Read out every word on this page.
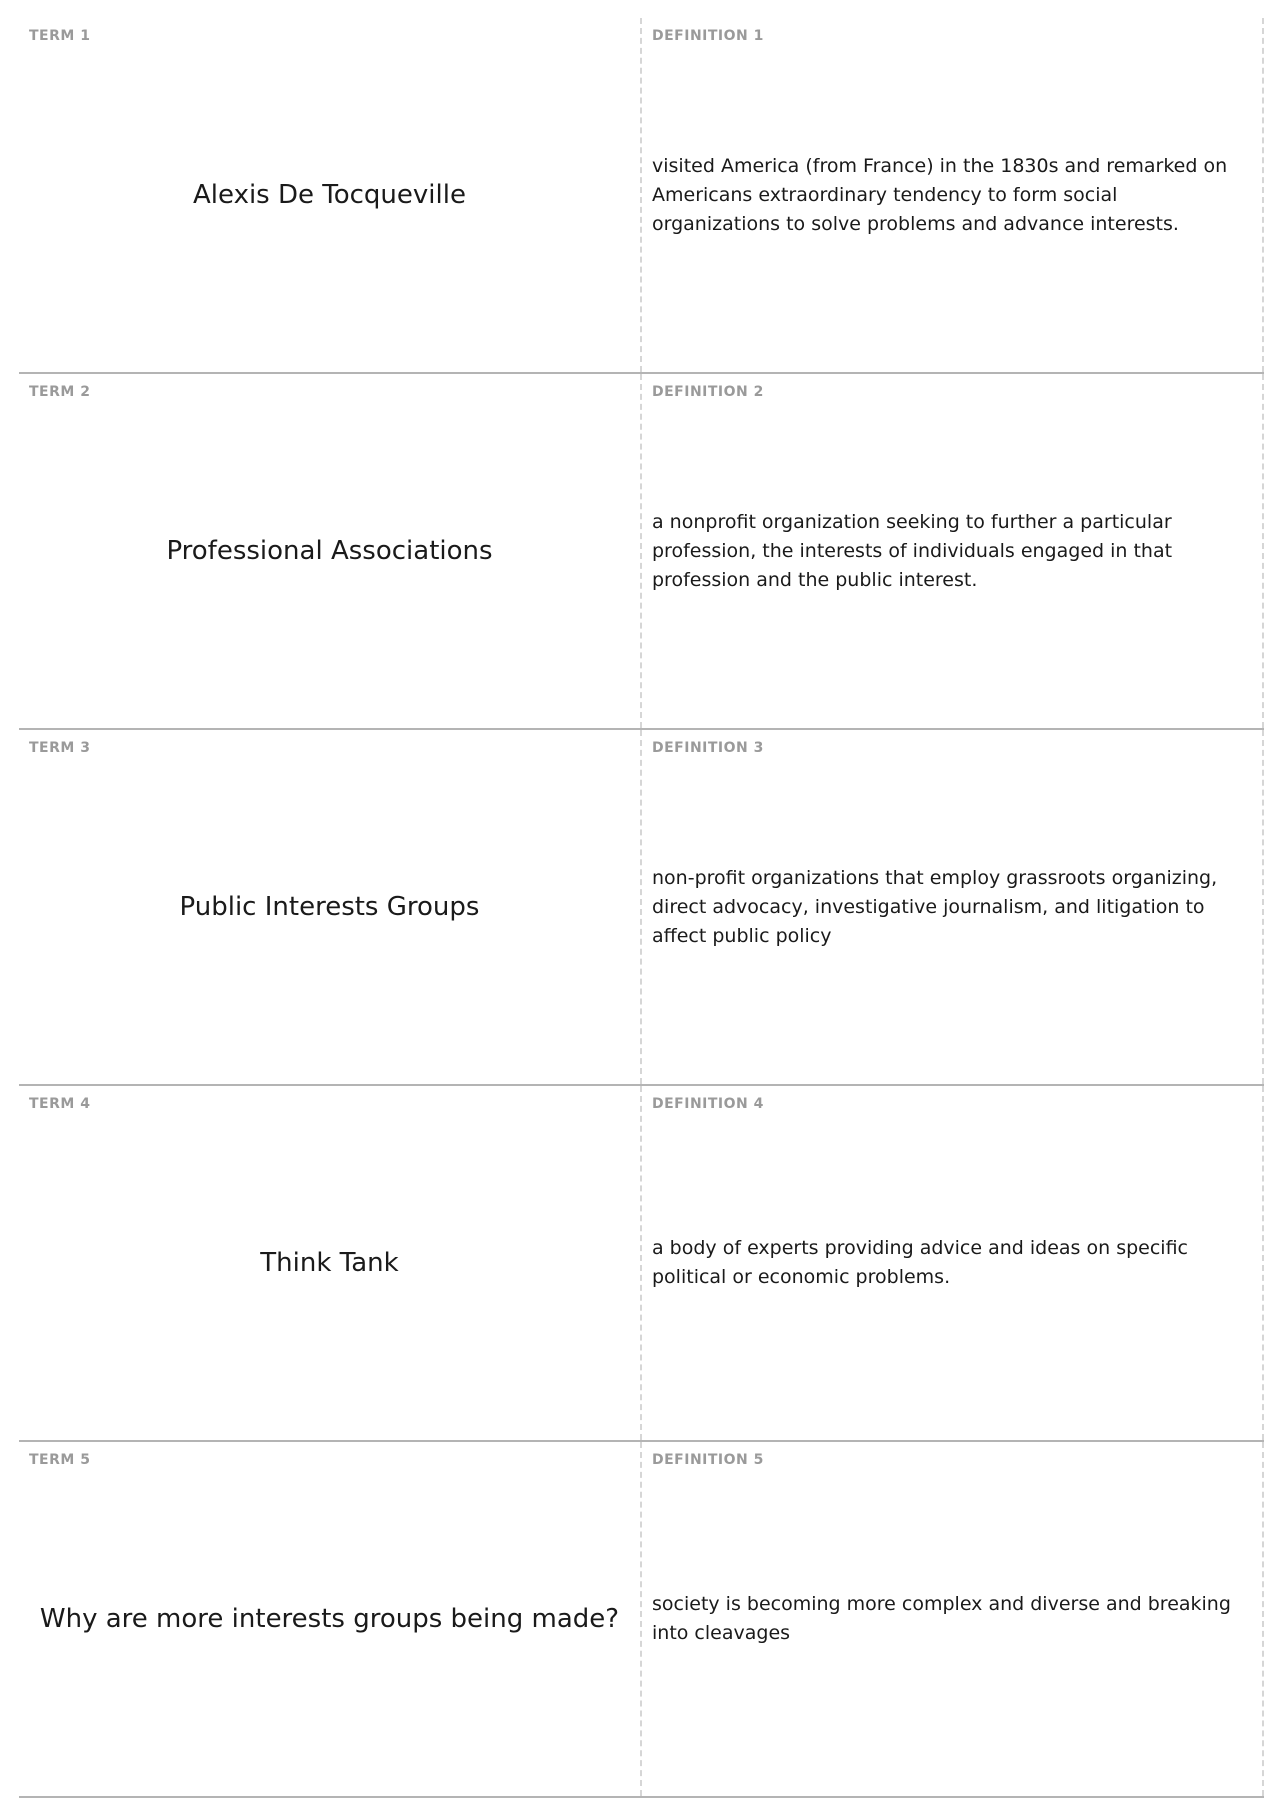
TERM 1
Alexis De Tocqueville
DEFINITION 1
visited America (from France) in the 1830s and remarked on Americans extraordinary tendency to form social organizations to solve problems and advance interests.
TERM 2
Professional Associations
DEFINITION 2
a nonprofit organization seeking to further a particular profession, the interests of individuals engaged in that profession and the public interest.
TERM 3
Public Interests Groups
DEFINITION 3
non-profit organizations that employ grassroots organizing, direct advocacy, investigative journalism, and litigation to affect public policy
TERM 4
Think Tank
DEFINITION 4
a body of experts providing advice and ideas on specific political or economic problems.
TERM 5
Why are more interests groups being made?
DEFINITION 5
society is becoming more complex and diverse and breaking into cleavages
